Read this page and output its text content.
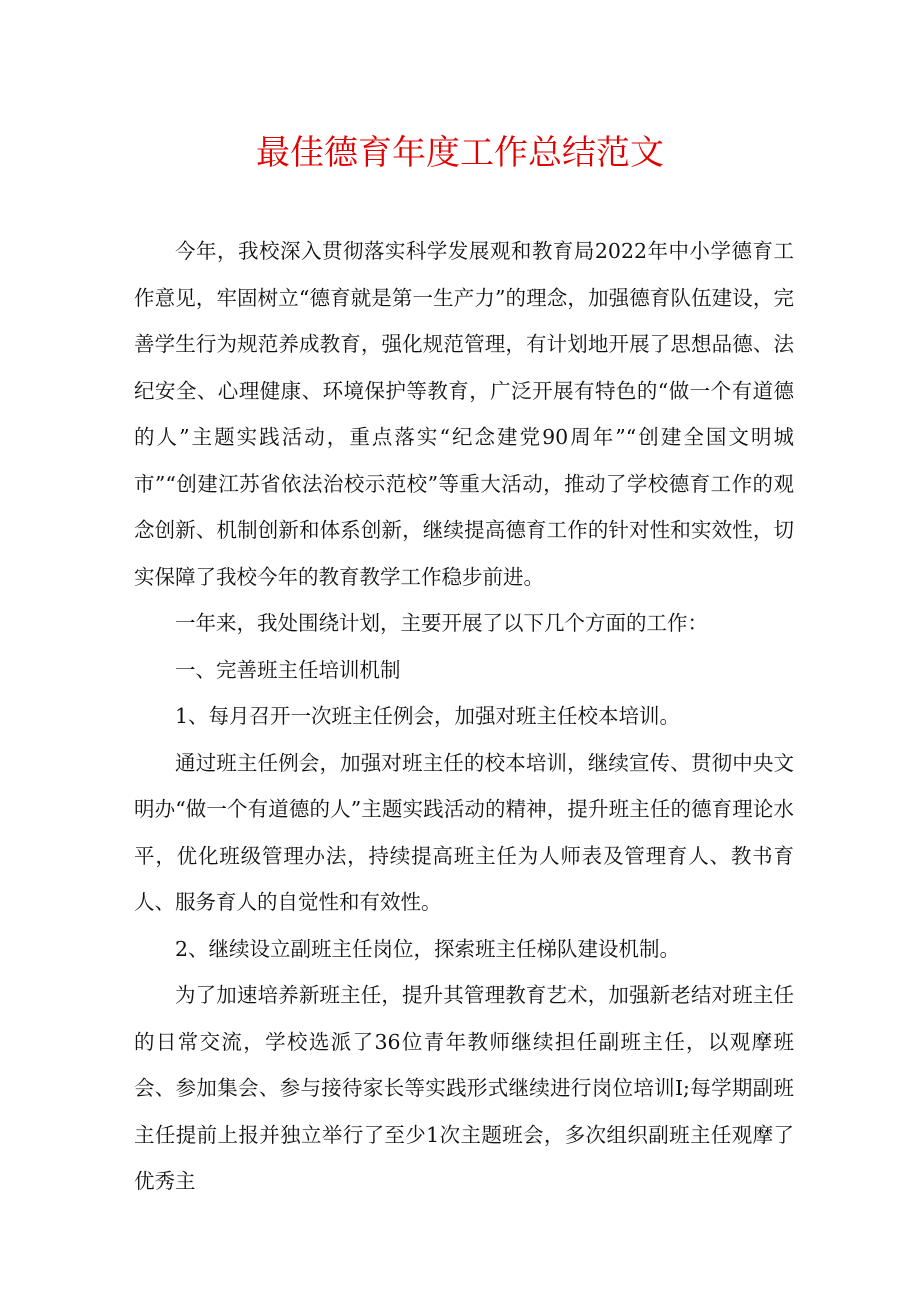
最佳德育年度工作总结范文

今年，我校深入贯彻落实科学发展观和教育局2022年中小学德育工作意见，牢固树立“德育就是第一生产力”的理念，加强德育队伍建设，完善学生行为规范养成教育，强化规范管理，有计划地开展了思想品德、法纪安全、心理健康、环境保护等教育，广泛开展有特色的“做一个有道德的人”主题实践活动，重点落实“纪念建党90周年”“创建全国文明城市”“创建江苏省依法治校示范校”等重大活动，推动了学校德育工作的观念创新、机制创新和体系创新，继续提高德育工作的针对性和实效性，切实保障了我校今年的教育教学工作稳步前进。

一年来，我处围绕计划，主要开展了以下几个方面的工作：

一、完善班主任培训机制

1、每月召开一次班主任例会，加强对班主任校本培训。

通过班主任例会，加强对班主任的校本培训，继续宣传、贯彻中央文明办“做一个有道德的人”主题实践活动的精神，提升班主任的德育理论水平，优化班级管理办法，持续提高班主任为人师表及管理育人、教书育人、服务育人的自觉性和有效性。

2、继续设立副班主任岗位，探索班主任梯队建设机制。

为了加速培养新班主任，提升其管理教育艺术，加强新老结对班主任的日常交流，学校选派了36位青年教师继续担任副班主任，以观摩班会、参加集会、参与接待家长等实践形式继续进行岗位培训I;每学期副班主任提前上报并独立举行了至少1次主题班会，多次组织副班主任观摩了优秀主
